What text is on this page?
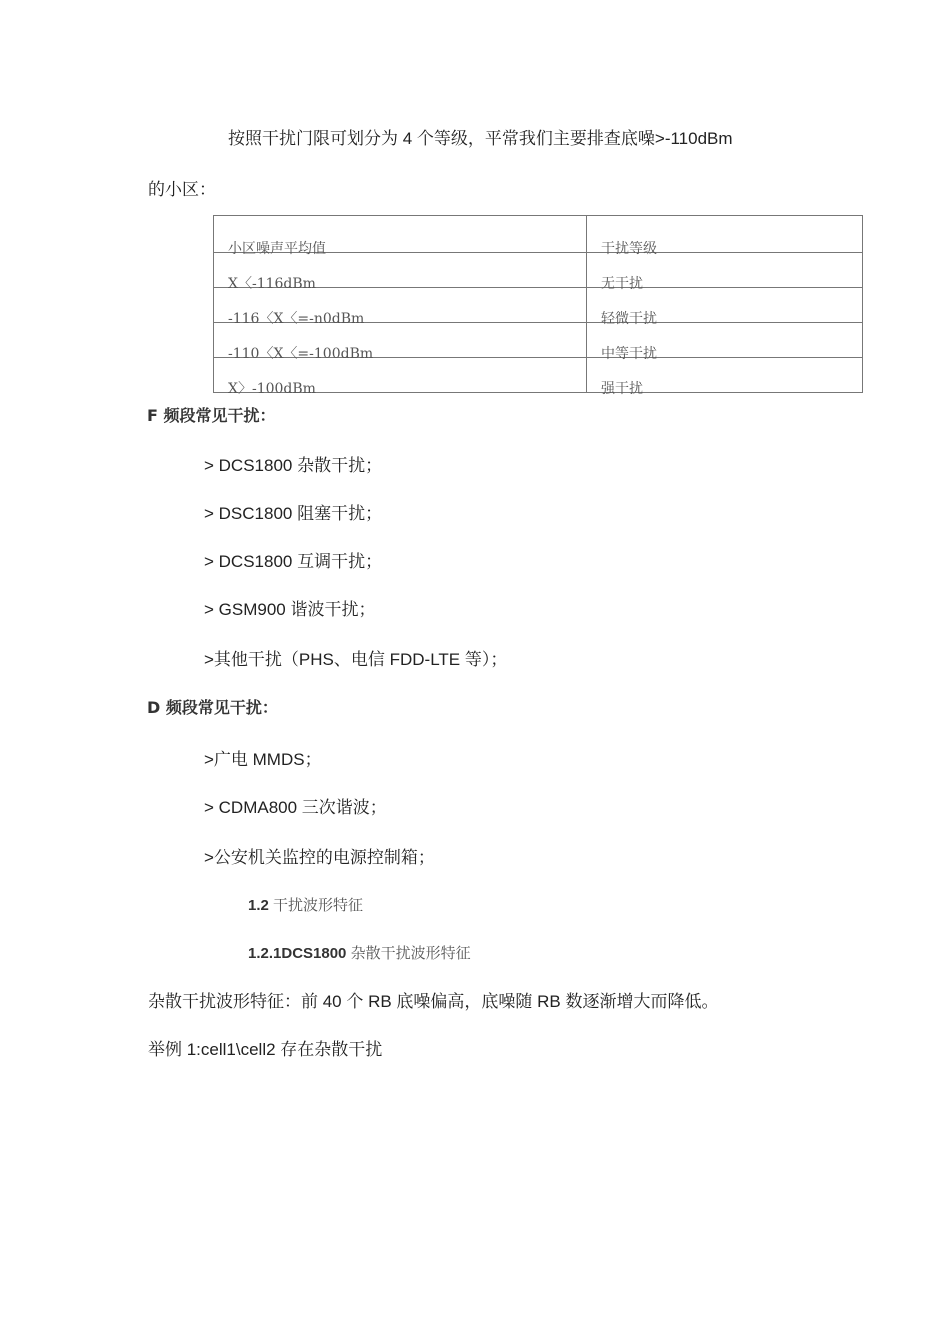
按照干扰门限可划分为 4 个等级，平常我们主要排查底噪>-110dBm
的小区：
小区噪声平均值	干扰等级
X〈-116dBm	无干扰
-116〈X〈=-n0dBm	轻微干扰
-110〈X〈=-100dBm	中等干扰
X〉-100dBm	强干扰
F 频段常见干扰：
> DCS1800 杂散干扰；
> DSC1800 阻塞干扰；
> DCS1800 互调干扰；
> GSM900 谐波干扰；
>其他干扰（PHS、电信 FDD-LTE 等）；
D 频段常见干扰：
>广电 MMDS；
> CDMA800 三次谐波；
>公安机关监控的电源控制箱；
1.2 干扰波形特征
1.2.1DCS1800 杂散干扰波形特征
杂散干扰波形特征：前 40 个 RB 底噪偏高，底噪随 RB 数逐渐增大而降低。
举例 1:cell1\cell2 存在杂散干扰
